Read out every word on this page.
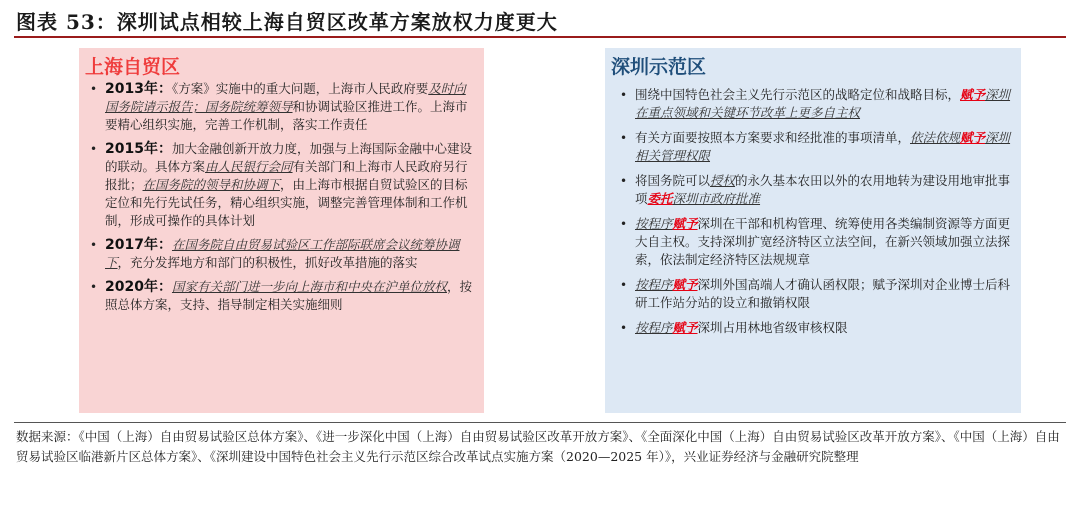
图表 53：深圳试点相较上海自贸区改革方案放权力度更大
上海自贸区
• 2013年：《方案》实施中的重大问题，上海市人民政府要及时向国务院请示报告；国务院统筹领导和协调试验区推进工作。上海市要精心组织实施，完善工作机制，落实工作责任
• 2015年：加大金融创新开放力度，加强与上海国际金融中心建设的联动。具体方案由人民银行会同有关部门和上海市人民政府另行报批；在国务院的领导和协调下，由上海市根据自贸试验区的目标定位和先行先试任务，精心组织实施，调整完善管理体制和工作机制，形成可操作的具体计划
• 2017年：在国务院自由贸易试验区工作部际联席会议统筹协调下，充分发挥地方和部门的积极性，抓好改革措施的落实
• 2020年：国家有关部门进一步向上海市和中央在沪单位放权，按照总体方案，支持、指导制定相关实施细则
深圳示范区
• 围绕中国特色社会主义先行示范区的战略定位和战略目标，赋予深圳在重点领域和关键环节改革上更多自主权
• 有关方面要按照本方案要求和经批准的事项清单，依法依规赋予深圳相关管理权限
• 将国务院可以授权的永久基本农田以外的农用地转为建设用地审批事项委托深圳市政府批准
• 按程序赋予深圳在干部和机构管理、统筹使用各类编制资源等方面更大自主权。支持深圳扩宽经济特区立法空间，在新兴领域加强立法探索，依法制定经济特区法规规章
• 按程序赋予深圳外国高端人才确认函权限；赋予深圳对企业博士后科研工作站分站的设立和撤销权限
• 按程序赋予深圳占用林地省级审核权限
数据来源：《中国（上海）自由贸易试验区总体方案》、《进一步深化中国（上海）自由贸易试验区改革开放方案》、《全面深化中国（上海）自由贸易试验区改革开放方案》、《中国（上海）自由贸易试验区临港新片区总体方案》、《深圳建设中国特色社会主义先行示范区综合改革试点实施方案（2020—2025 年）》，兴业证券经济与金融研究院整理
